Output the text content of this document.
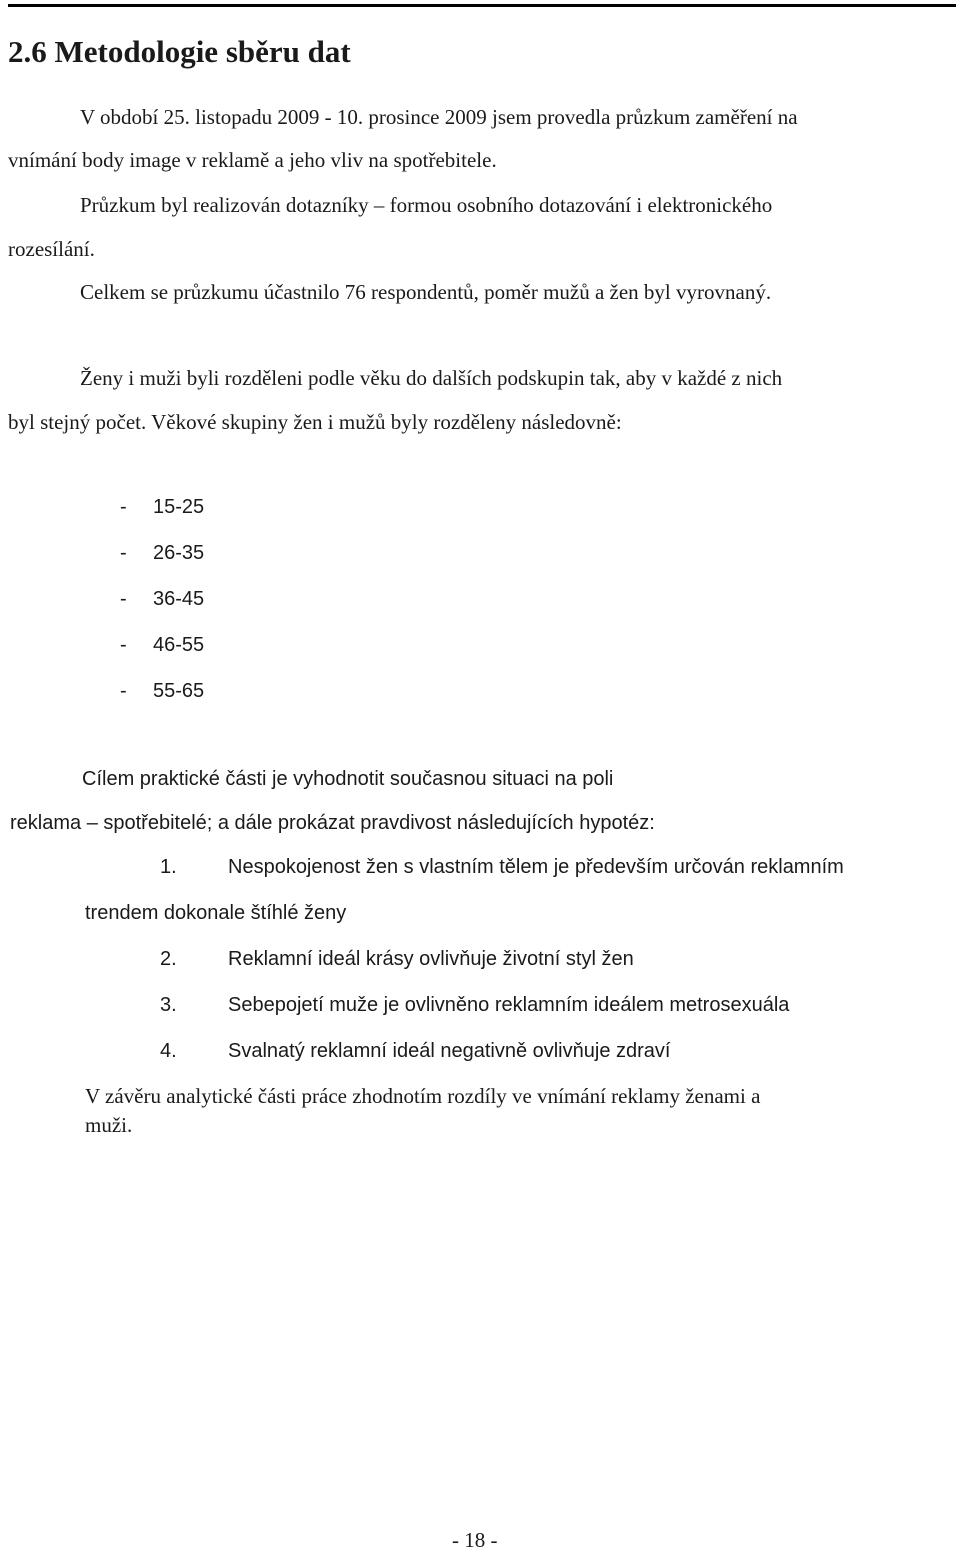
2.6 Metodologie sběru dat
V období 25. listopadu 2009 - 10. prosince 2009 jsem provedla průzkum zaměření na
vnímání body image v reklamě a jeho vliv na spotřebitele.
Průzkum byl realizován dotazníky – formou osobního dotazování i elektronického
rozesílání.
Celkem se průzkumu účastnilo 76 respondentů, poměr mužů a žen byl vyrovnaný.
Ženy i muži byli rozděleni podle věku do dalších podskupin tak, aby v každé z nich
byl stejný počet. Věkové skupiny žen i mužů byly rozděleny následovně:
- 15-25
- 26-35
- 36-45
- 46-55
- 55-65
Cílem praktické části je vyhodnotit současnou situaci na poli
reklama – spotřebitelé; a dále prokázat pravdivost následujících hypotéz:
1.	Nespokojenost žen s vlastním tělem je především určován reklamním
trendem dokonale štíhlé ženy
2.	Reklamní ideál krásy ovlivňuje životní styl žen
3.	Sebepojetí muže je ovlivněno reklamním ideálem metrosexuála
4.	Svalnatý reklamní ideál negativně ovlivňuje zdraví
V závěru analytické části práce zhodnotím rozdíly ve vnímání reklamy ženami a
muži.
- 18 -
